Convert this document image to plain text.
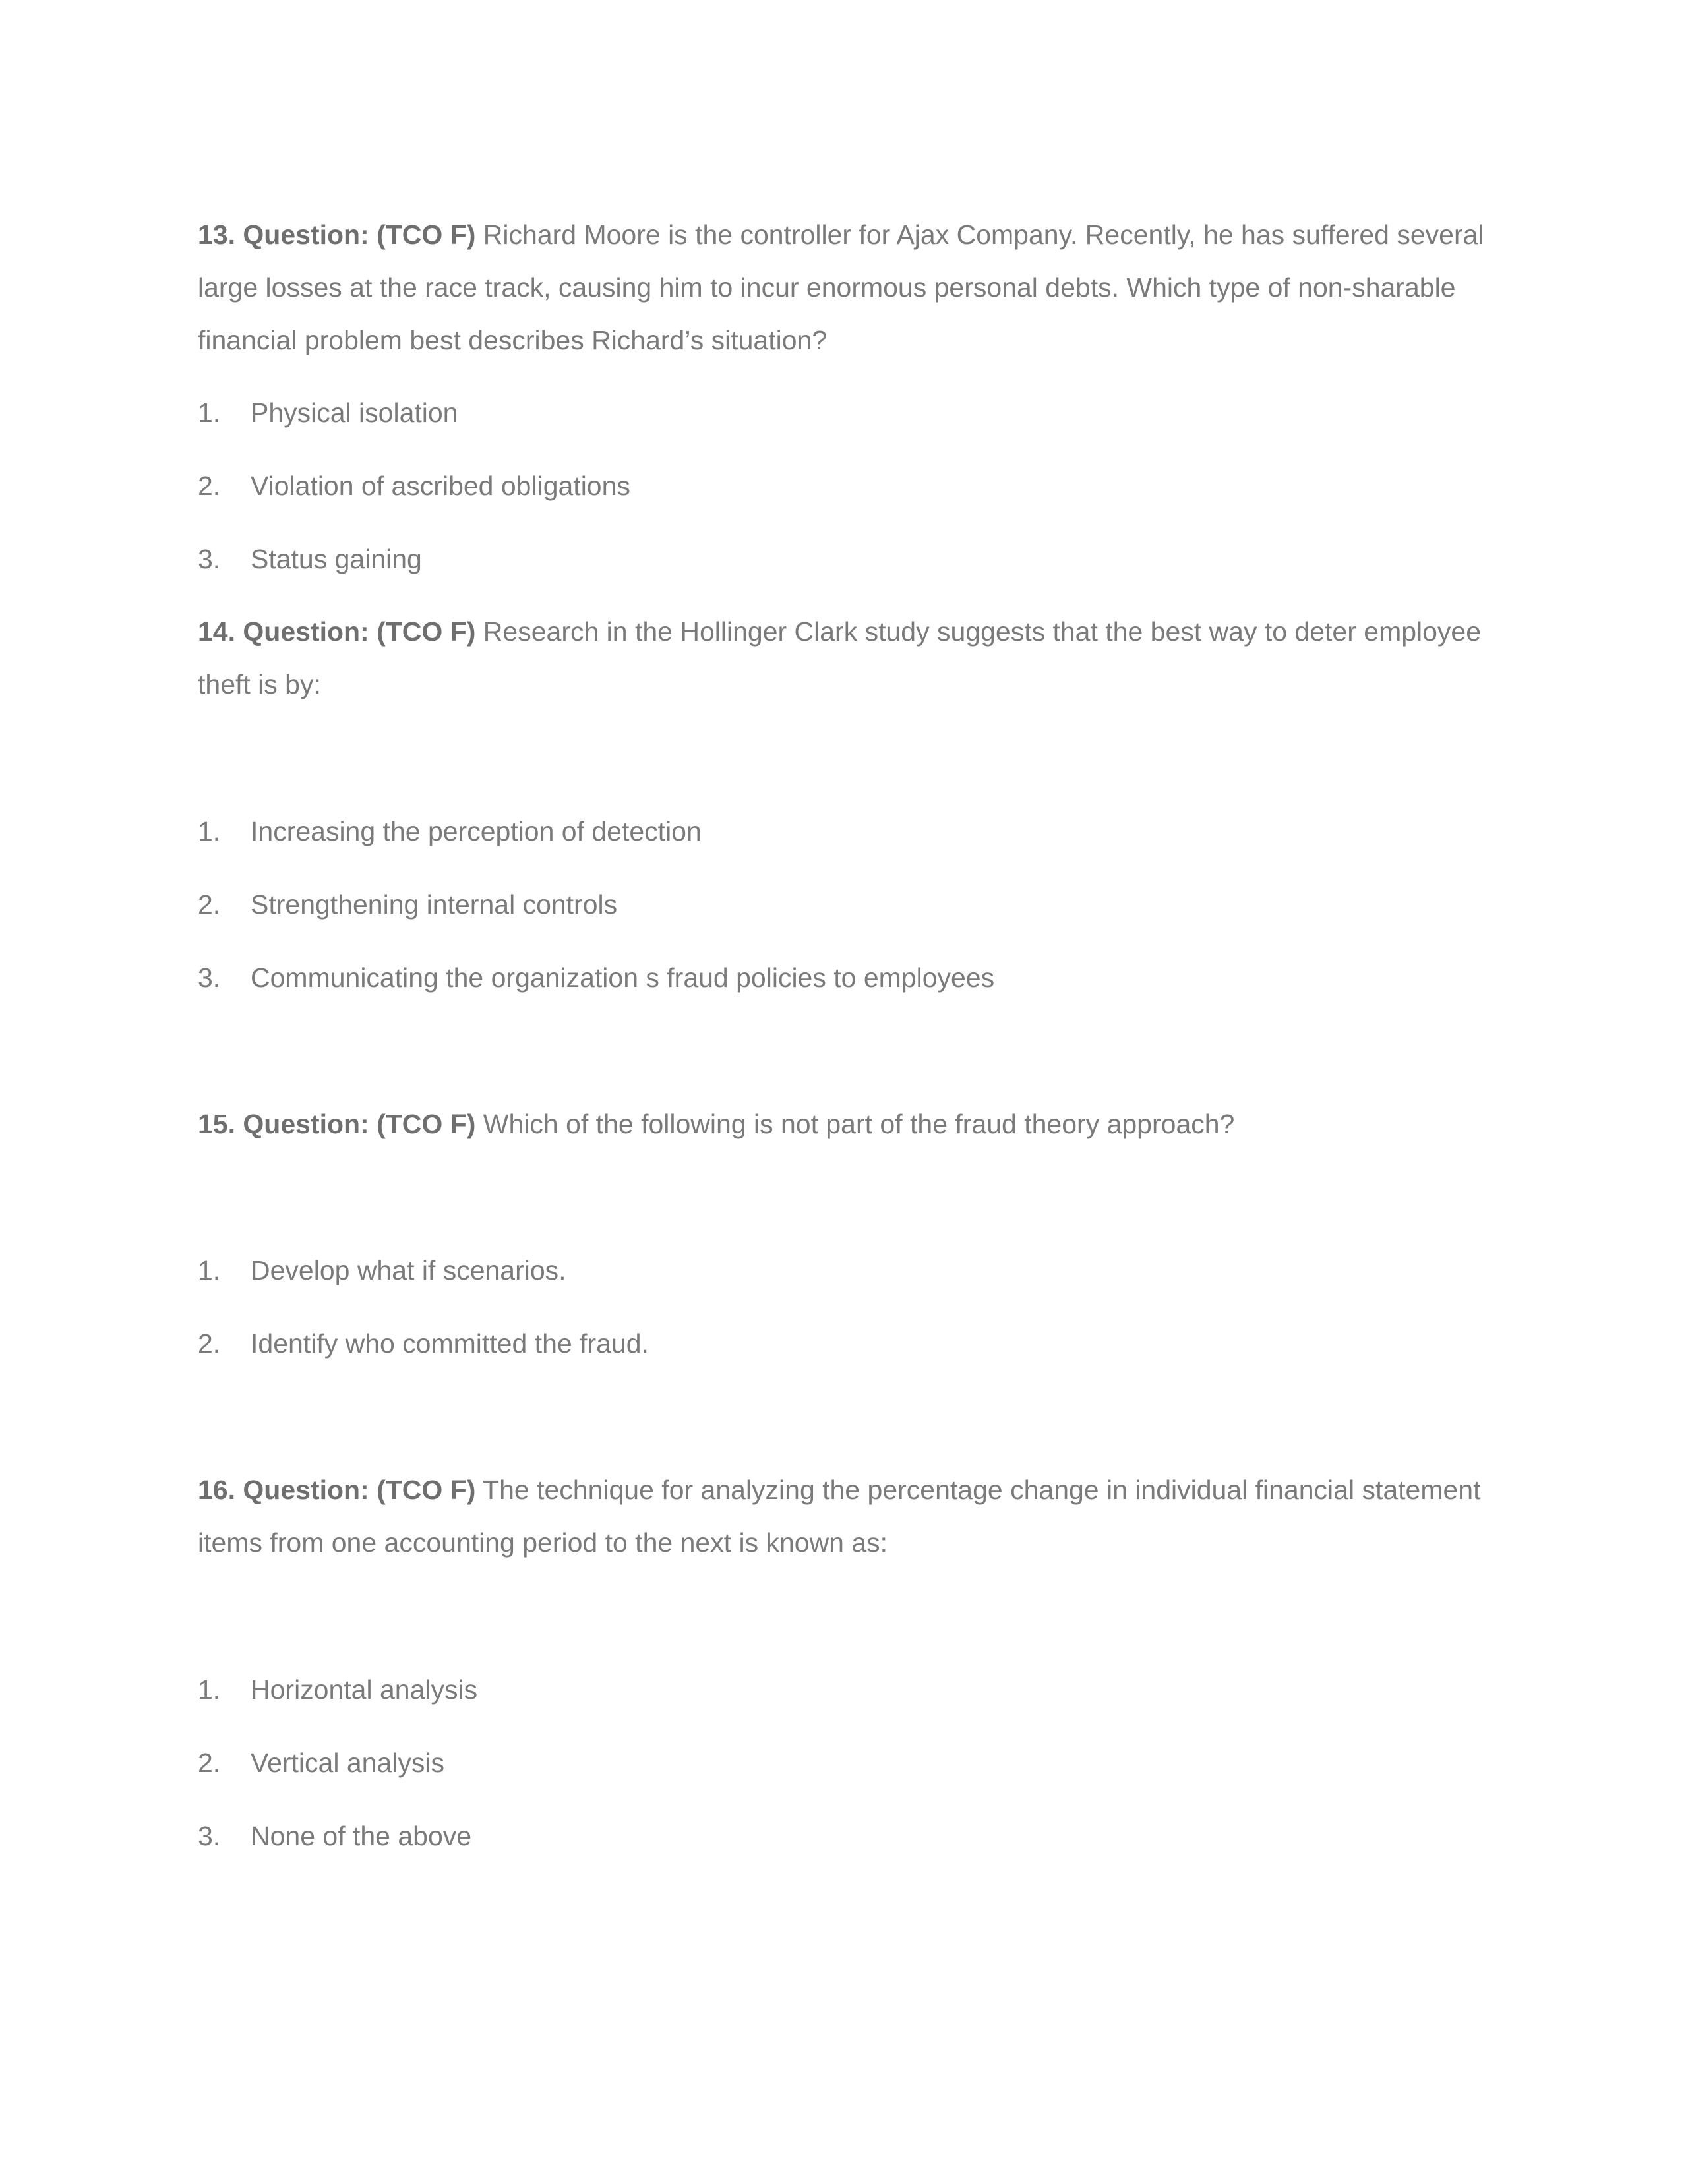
13. Question: (TCO F) Richard Moore is the controller for Ajax Company. Recently, he has suffered several large losses at the race track, causing him to incur enormous personal debts. Which type of non-sharable financial problem best describes Richard’s situation?

1. Physical isolation
2. Violation of ascribed obligations
3. Status gaining

14. Question: (TCO F) Research in the Hollinger Clark study suggests that the best way to deter employee theft is by:

1. Increasing the perception of detection
2. Strengthening internal controls
3. Communicating the organization s fraud policies to employees

15. Question: (TCO F) Which of the following is not part of the fraud theory approach?

1. Develop what if scenarios.
2. Identify who committed the fraud.

16. Question: (TCO F) The technique for analyzing the percentage change in individual financial statement items from one accounting period to the next is known as:

1. Horizontal analysis
2. Vertical analysis
3. None of the above
